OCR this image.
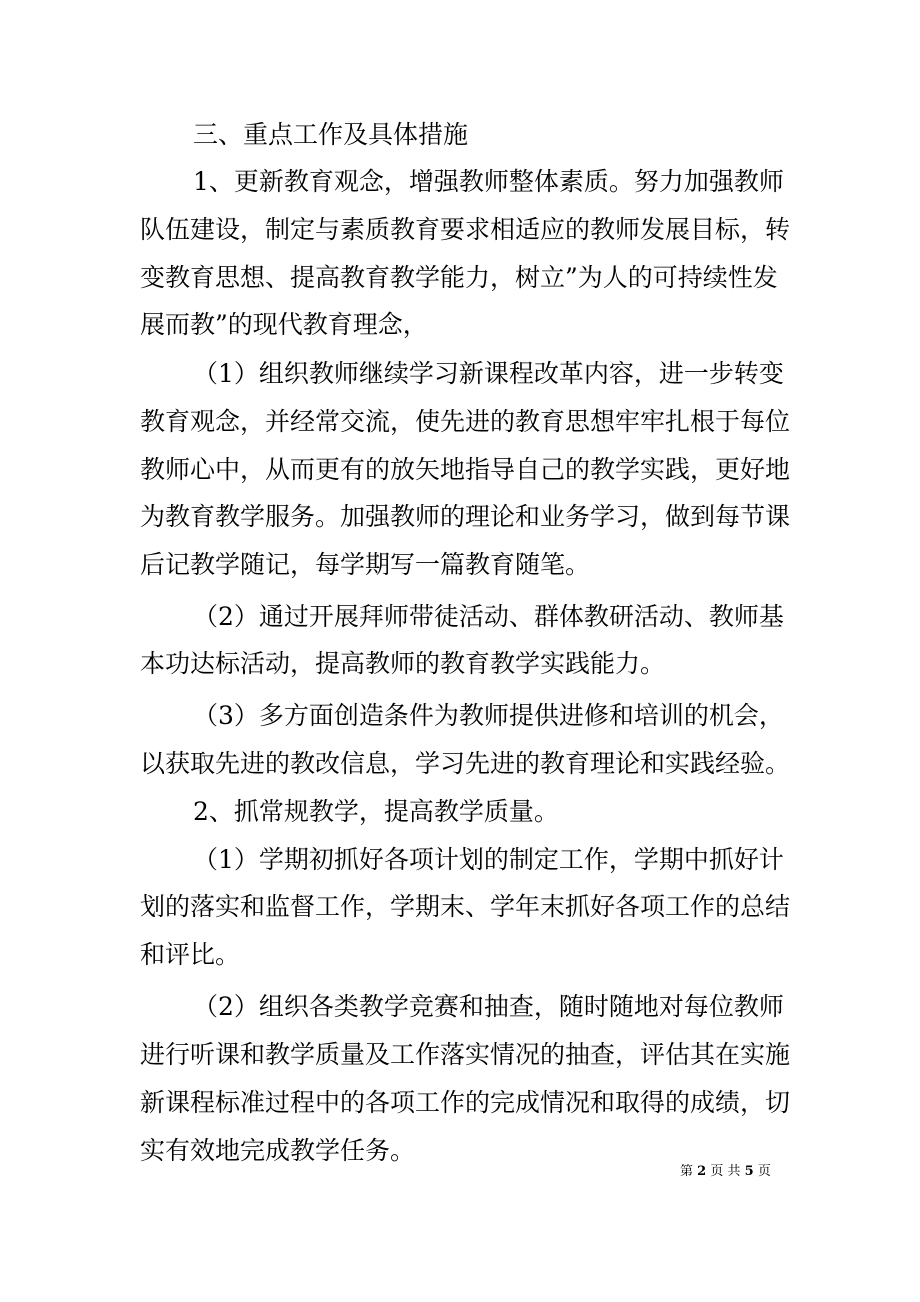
三、重点工作及具体措施
1、更新教育观念，增强教师整体素质。努力加强教师
队伍建设，制定与素质教育要求相适应的教师发展目标，转
变教育思想、提高教育教学能力，树立”为人的可持续性发
展而教”的现代教育理念，
（1）组织教师继续学习新课程改革内容，进一步转变
教育观念，并经常交流，使先进的教育思想牢牢扎根于每位
教师心中，从而更有的放矢地指导自己的教学实践，更好地
为教育教学服务。加强教师的理论和业务学习，做到每节课
后记教学随记，每学期写一篇教育随笔。
（2）通过开展拜师带徒活动、群体教研活动、教师基
本功达标活动，提高教师的教育教学实践能力。
（3）多方面创造条件为教师提供进修和培训的机会，
以获取先进的教改信息，学习先进的教育理论和实践经验。
2、抓常规教学，提高教学质量。
（1）学期初抓好各项计划的制定工作，学期中抓好计
划的落实和监督工作，学期末、学年末抓好各项工作的总结
和评比。
（2）组织各类教学竞赛和抽查，随时随地对每位教师
进行听课和教学质量及工作落实情况的抽查，评估其在实施
新课程标准过程中的各项工作的完成情况和取得的成绩，切
实有效地完成教学任务。
第 2 页 共 5 页
